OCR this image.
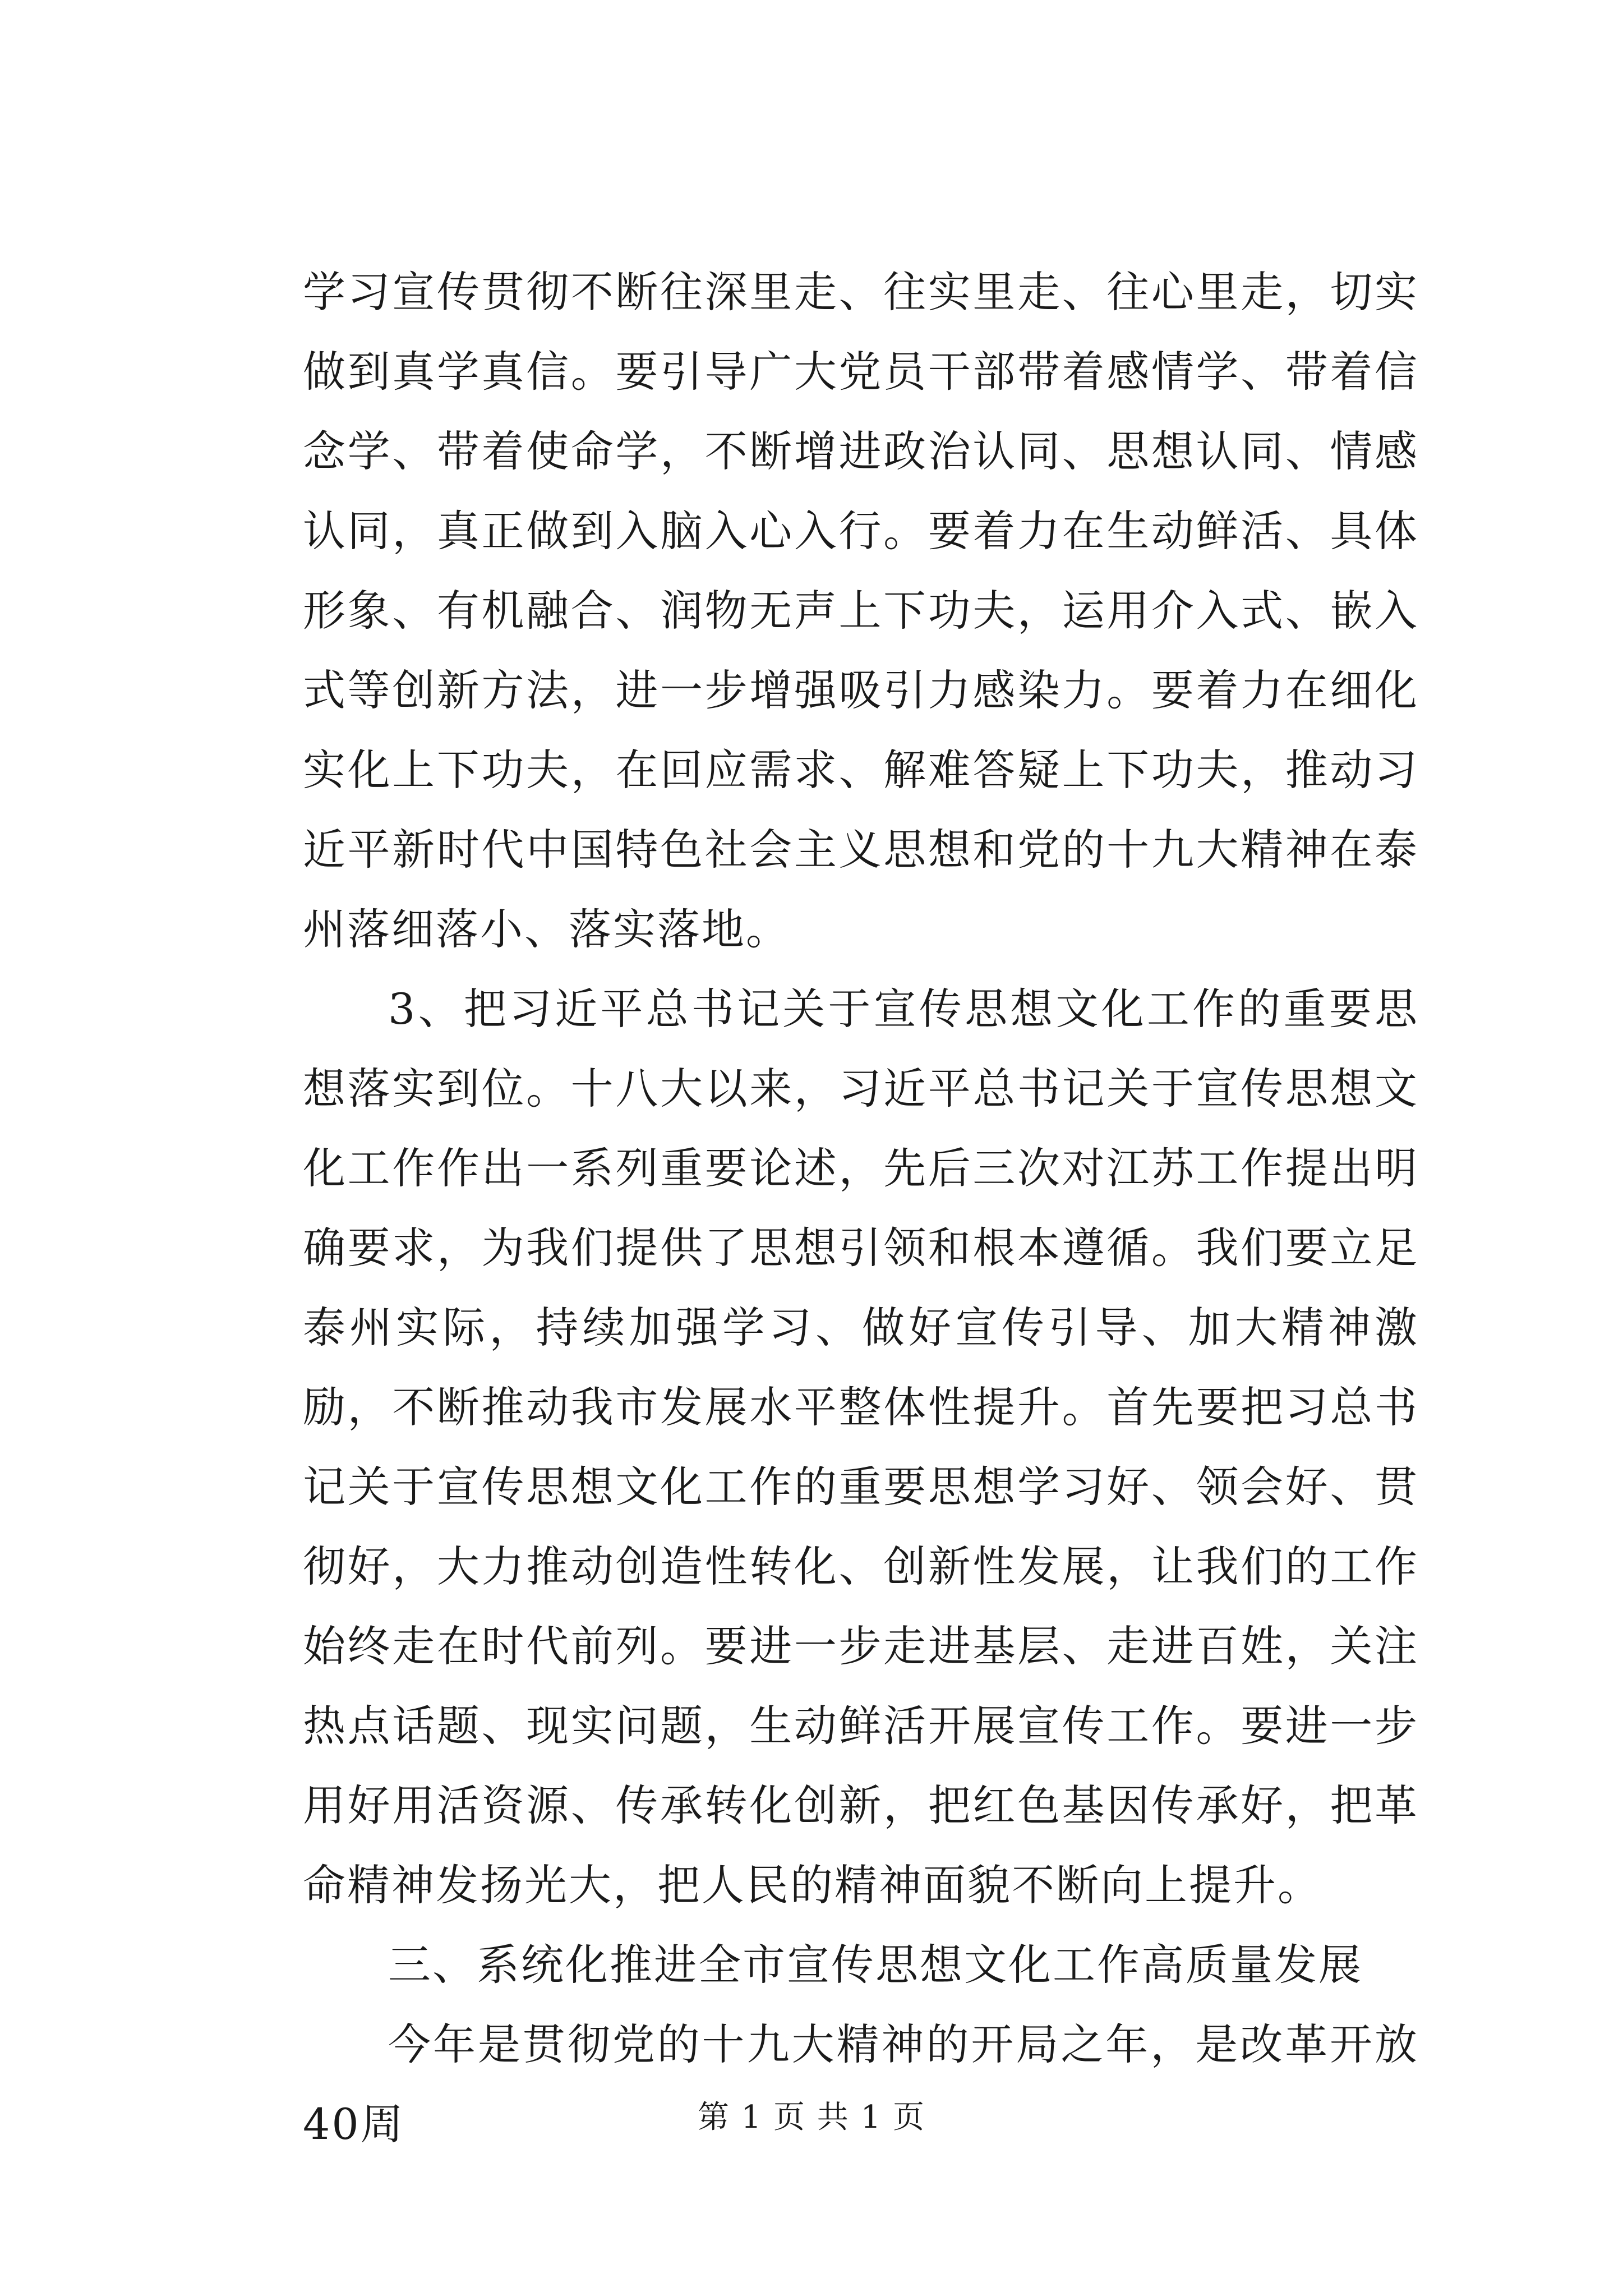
学习宣传贯彻不断往深里走、往实里走、往心里走，切实做到真学真信。要引导广大党员干部带着感情学、带着信念学、带着使命学，不断增进政治认同、思想认同、情感认同，真正做到入脑入心入行。要着力在生动鲜活、具体形象、有机融合、润物无声上下功夫，运用介入式、嵌入式等创新方法，进一步增强吸引力感染力。要着力在细化实化上下功夫，在回应需求、解难答疑上下功夫，推动习近平新时代中国特色社会主义思想和党的十九大精神在泰州落细落小、落实落地。

3、把习近平总书记关于宣传思想文化工作的重要思想落实到位。十八大以来，习近平总书记关于宣传思想文化工作作出一系列重要论述，先后三次对江苏工作提出明确要求，为我们提供了思想引领和根本遵循。我们要立足泰州实际，持续加强学习、做好宣传引导、加大精神激励，不断推动我市发展水平整体性提升。首先要把习总书记关于宣传思想文化工作的重要思想学习好、领会好、贯彻好，大力推动创造性转化、创新性发展，让我们的工作始终走在时代前列。要进一步走进基层、走进百姓，关注热点话题、现实问题，生动鲜活开展宣传工作。要进一步用好用活资源、传承转化创新，把红色基因传承好，把革命精神发扬光大，把人民的精神面貌不断向上提升。

三、系统化推进全市宣传思想文化工作高质量发展

今年是贯彻党的十九大精神的开局之年，是改革开放40周	第 1 页 共 1 页
